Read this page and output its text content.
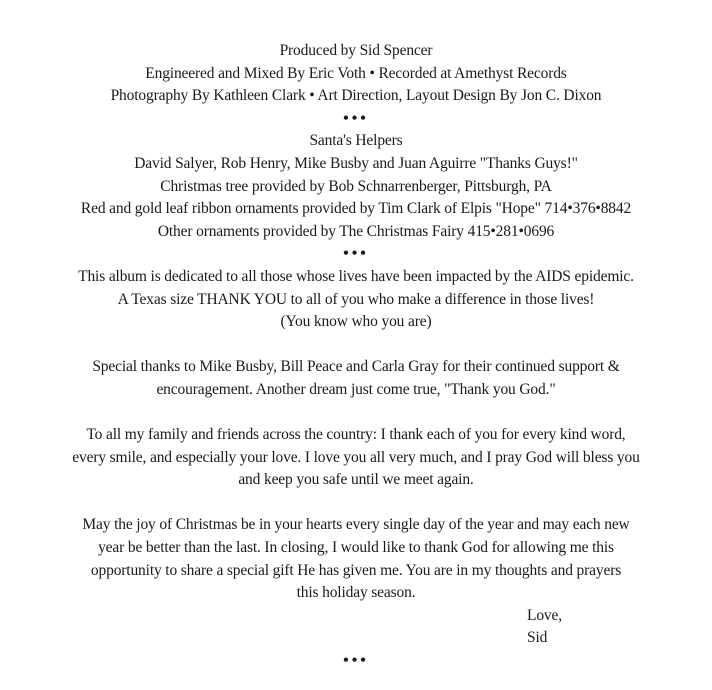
Produced by Sid Spencer
Engineered and Mixed By Eric Voth • Recorded at Amethyst Records
Photography By Kathleen Clark • Art Direction, Layout Design By Jon C. Dixon
•••
Santa's Helpers
David Salyer, Rob Henry, Mike Busby and Juan Aguirre "Thanks Guys!"
Christmas tree provided by Bob Schnarrenberger, Pittsburgh, PA
Red and gold leaf ribbon ornaments provided by Tim Clark of Elpis "Hope" 714•376•8842
Other ornaments provided by The Christmas Fairy 415•281•0696
•••
This album is dedicated to all those whose lives have been impacted by the AIDS epidemic.
A Texas size THANK YOU to all of you who make a difference in those lives!
(You know who you are)
Special thanks to Mike Busby, Bill Peace and Carla Gray for their continued support &
encouragement. Another dream just come true, "Thank you God."
To all my family and friends across the country: I thank each of you for every kind word,
every smile, and especially your love. I love you all very much, and I pray God will bless you
and keep you safe until we meet again.
May the joy of Christmas be in your hearts every single day of the year and may each new
year be better than the last. In closing, I would like to thank God for allowing me this
opportunity to share a special gift He has given me. You are in my thoughts and prayers
this holiday season.
Love,
Sid
•••
